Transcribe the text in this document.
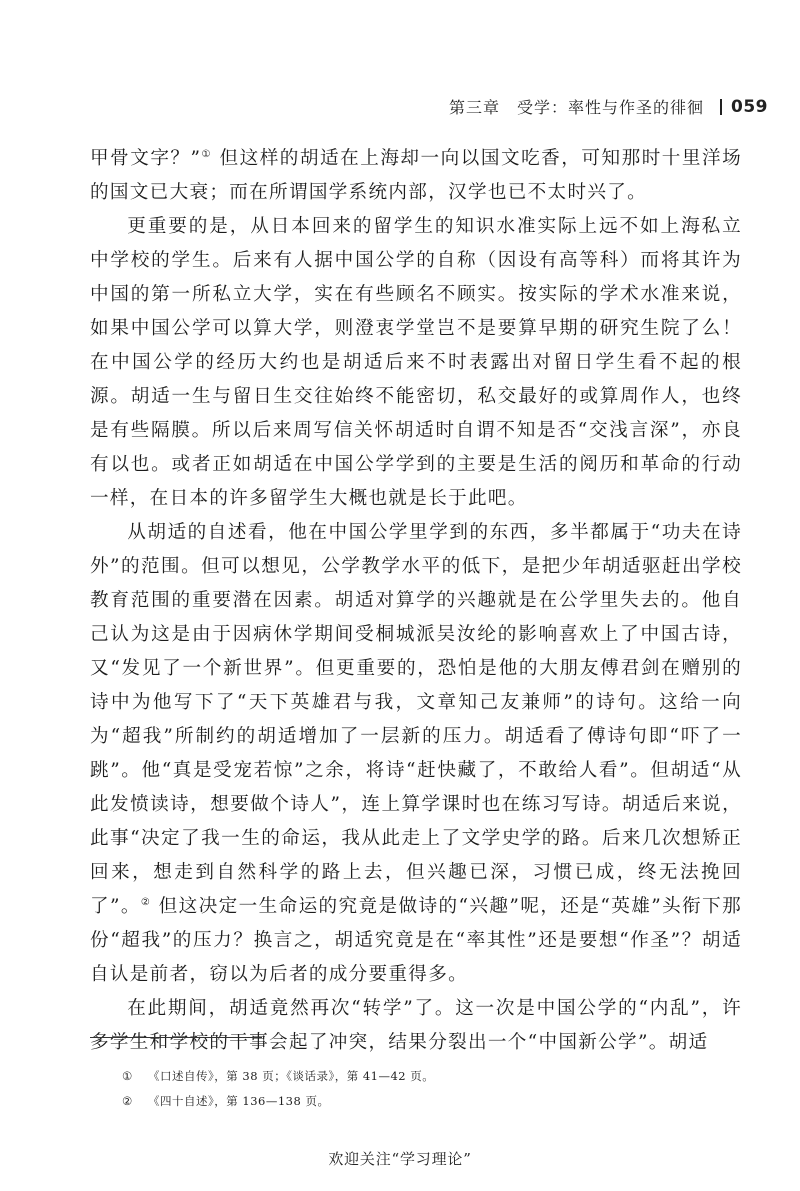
第三章　受学：率性与作圣的徘徊 059

甲骨文字？”① 但这样的胡适在上海却一向以国文吃香，可知那时十里洋场的国文已大衰；而在所谓国学系统内部，汉学也已不太时兴了。

更重要的是，从日本回来的留学生的知识水准实际上远不如上海私立中学校的学生。后来有人据中国公学的自称（因设有高等科）而将其许为中国的第一所私立大学，实在有些顾名不顾实。按实际的学术水准来说，如果中国公学可以算大学，则澄衷学堂岂不是要算早期的研究生院了么！在中国公学的经历大约也是胡适后来不时表露出对留日学生看不起的根源。胡适一生与留日生交往始终不能密切，私交最好的或算周作人，也终是有些隔膜。所以后来周写信关怀胡适时自谓不知是否“交浅言深”，亦良有以也。或者正如胡适在中国公学学到的主要是生活的阅历和革命的行动一样，在日本的许多留学生大概也就是长于此吧。

从胡适的自述看，他在中国公学里学到的东西，多半都属于“功夫在诗外”的范围。但可以想见，公学教学水平的低下，是把少年胡适驱赶出学校教育范围的重要潜在因素。胡适对算学的兴趣就是在公学里失去的。他自己认为这是由于因病休学期间受桐城派吴汝纶的影响喜欢上了中国古诗，又“发见了一个新世界”。但更重要的，恐怕是他的大朋友傅君剑在赠别的诗中为他写下了“天下英雄君与我，文章知己友兼师”的诗句。这给一向为“超我”所制约的胡适增加了一层新的压力。胡适看了傅诗句即“吓了一跳”。他“真是受宠若惊”之余，将诗“赶快藏了，不敢给人看”。但胡适“从此发愤读诗，想要做个诗人”，连上算学课时也在练习写诗。胡适后来说，此事“决定了我一生的命运，我从此走上了文学史学的路。后来几次想矫正回来，想走到自然科学的路上去，但兴趣已深，习惯已成，终无法挽回了”。② 但这决定一生命运的究竟是做诗的“兴趣”呢，还是“英雄”头衔下那份“超我”的压力？换言之，胡适究竟是在“率其性”还是要想“作圣”？胡适自认是前者，窃以为后者的成分要重得多。

在此期间，胡适竟然再次“转学”了。这一次是中国公学的“内乱”，许多学生和学校的干事会起了冲突，结果分裂出一个“中国新公学”。胡适

①	《口述自传》，第 38 页；《谈话录》，第 41—42 页。
②	《四十自述》，第 136—138 页。
欢迎关注“学习理论”
